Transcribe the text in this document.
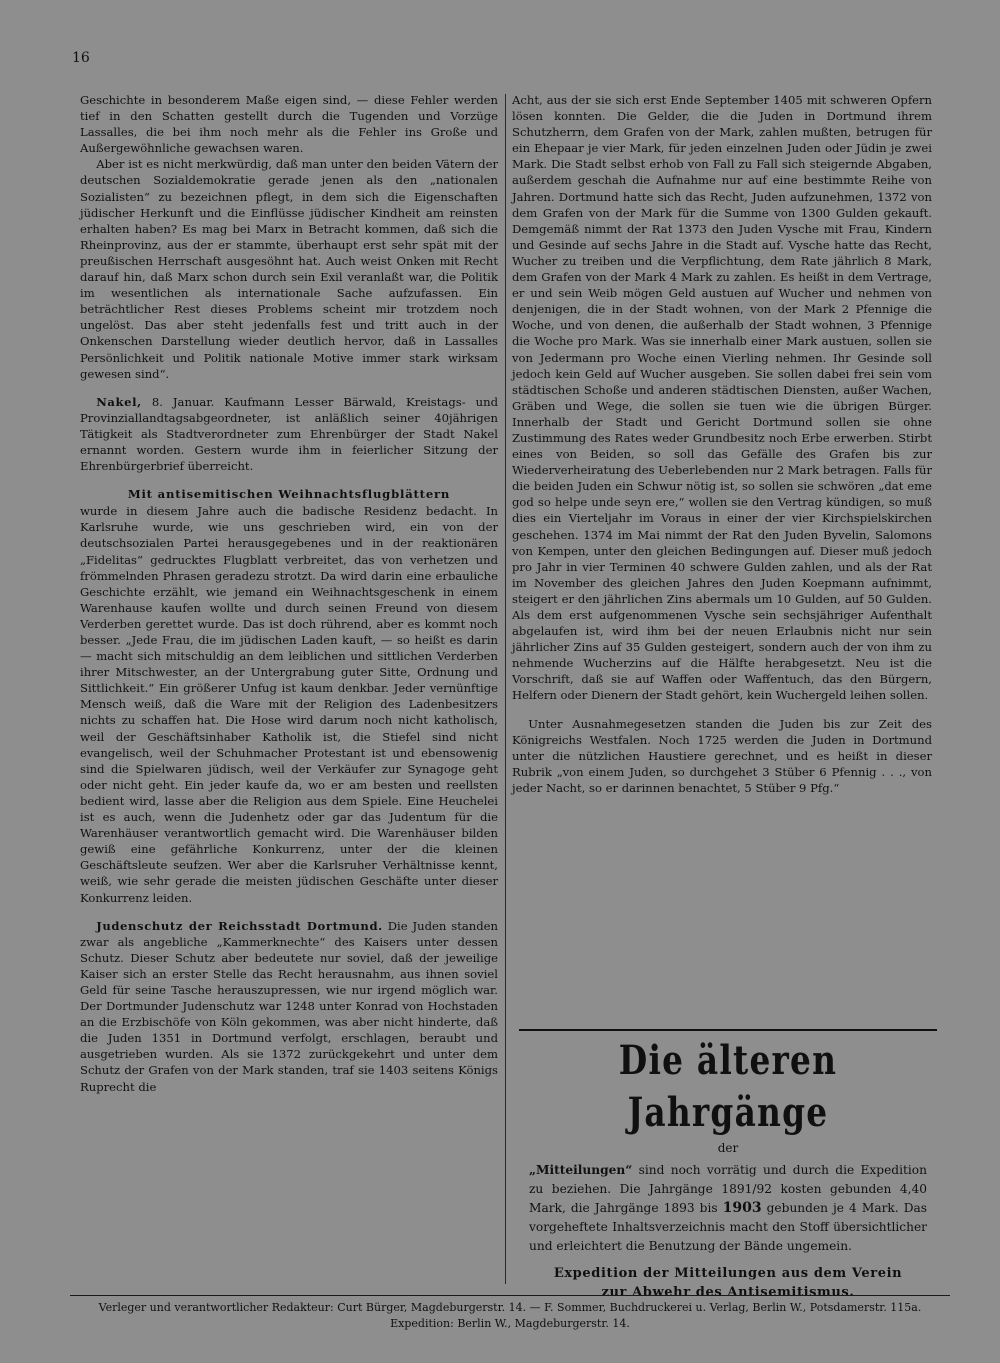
16

Geschichte in besonderem Maße eigen sind, — diese Fehler werden tief in den Schatten gestellt durch die Tugenden und Vorzüge Lassalles, die bei ihm noch mehr als die Fehler ins Große und Außergewöhnliche gewachsen waren.

Aber ist es nicht merkwürdig, daß man unter den beiden Vätern der deutschen Sozialdemokratie gerade jenen als den „nationalen Sozialisten“ zu bezeichnen pflegt, in dem sich die Eigenschaften jüdischer Herkunft und die Einflüsse jüdischer Kindheit am reinsten erhalten haben? Es mag bei Marx in Betracht kommen, daß sich die Rheinprovinz, aus der er stammte, überhaupt erst sehr spät mit der preußischen Herrschaft ausgesöhnt hat. Auch weist Onken mit Recht darauf hin, daß Marx schon durch sein Exil veranlaßt war, die Politik im wesentlichen als internationale Sache aufzufassen. Ein beträchtlicher Rest dieses Problems scheint mir trotzdem noch ungelöst. Das aber steht jedenfalls fest und tritt auch in der Onkenschen Darstellung wieder deutlich hervor, daß in Lassalles Persönlichkeit und Politik nationale Motive immer stark wirksam gewesen sind“.

Nakel, 8. Januar. Kaufmann Lesser Bärwald, Kreistags- und Provinziallandtagsabgeordneter, ist anläßlich seiner 40jährigen Tätigkeit als Stadtverordneter zum Ehrenbürger der Stadt Nakel ernannt worden. Gestern wurde ihm in feierlicher Sitzung der Ehrenbürgerbrief überreicht.

Mit antisemitischen Weihnachtsflugblättern

wurde in diesem Jahre auch die badische Residenz bedacht. In Karlsruhe wurde, wie uns geschrieben wird, ein von der deutschsozialen Partei herausgegebenes und in der reaktionären „Fidelitas“ gedrucktes Flugblatt verbreitet, das von verhetzen und frömmelnden Phrasen geradezu strotzt. Da wird darin eine erbauliche Geschichte erzählt, wie jemand ein Weihnachtsgeschenk in einem Warenhause kaufen wollte und durch seinen Freund von diesem Verderben gerettet wurde. Das ist doch rührend, aber es kommt noch besser. „Jede Frau, die im jüdischen Laden kauft, — so heißt es darin — macht sich mitschuldig an dem leiblichen und sittlichen Verderben ihrer Mitschwester, an der Untergrabung guter Sitte, Ordnung und Sittlichkeit.“ Ein größerer Unfug ist kaum denkbar. Jeder vernünftige Mensch weiß, daß die Ware mit der Religion des Ladenbesitzers nichts zu schaffen hat. Die Hose wird darum noch nicht katholisch, weil der Geschäftsinhaber Katholik ist, die Stiefel sind nicht evangelisch, weil der Schuhmacher Protestant ist und ebensowenig sind die Spielwaren jüdisch, weil der Verkäufer zur Synagoge geht oder nicht geht. Ein jeder kaufe da, wo er am besten und reellsten bedient wird, lasse aber die Religion aus dem Spiele. Eine Heuchelei ist es auch, wenn die Judenhetz oder gar das Judentum für die Warenhäuser verantwortlich gemacht wird. Die Warenhäuser bilden gewiß eine gefährliche Konkurrenz, unter der die kleinen Geschäftsleute seufzen. Wer aber die Karlsruher Verhältnisse kennt, weiß, wie sehr gerade die meisten jüdischen Geschäfte unter dieser Konkurrenz leiden.

Judenschutz der Reichsstadt Dortmund. Die Juden standen zwar als angebliche „Kammerknechte“ des Kaisers unter dessen Schutz. Dieser Schutz aber bedeutete nur soviel, daß der jeweilige Kaiser sich an erster Stelle das Recht herausnahm, aus ihnen soviel Geld für seine Tasche herauszupressen, wie nur irgend möglich war. Der Dortmunder Judenschutz war 1248 unter Konrad von Hochstaden an die Erzbischöfe von Köln gekommen, was aber nicht hinderte, daß die Juden 1351 in Dortmund verfolgt, erschlagen, beraubt und ausgetrieben wurden. Als sie 1372 zurückgekehrt und unter dem Schutz der Grafen von der Mark standen, traf sie 1403 seitens Königs Ruprecht die

Acht, aus der sie sich erst Ende September 1405 mit schweren Opfern lösen konnten. Die Gelder, die die Juden in Dortmund ihrem Schutzherrn, dem Grafen von der Mark, zahlen mußten, betrugen für ein Ehepaar je vier Mark, für jeden einzelnen Juden oder Jüdin je zwei Mark. Die Stadt selbst erhob von Fall zu Fall sich steigernde Abgaben, außerdem geschah die Aufnahme nur auf eine bestimmte Reihe von Jahren. Dortmund hatte sich das Recht, Juden aufzunehmen, 1372 von dem Grafen von der Mark für die Summe von 1300 Gulden gekauft. Demgemäß nimmt der Rat 1373 den Juden Vysche mit Frau, Kindern und Gesinde auf sechs Jahre in die Stadt auf. Vysche hatte das Recht, Wucher zu treiben und die Verpflichtung, dem Rate jährlich 8 Mark, dem Grafen von der Mark 4 Mark zu zahlen. Es heißt in dem Vertrage, er und sein Weib mögen Geld austuen auf Wucher und nehmen von denjenigen, die in der Stadt wohnen, von der Mark 2 Pfennige die Woche, und von denen, die außerhalb der Stadt wohnen, 3 Pfennige die Woche pro Mark. Was sie innerhalb einer Mark austuen, sollen sie von Jedermann pro Woche einen Vierling nehmen. Ihr Gesinde soll jedoch kein Geld auf Wucher ausgeben. Sie sollen dabei frei sein vom städtischen Schoße und anderen städtischen Diensten, außer Wachen, Gräben und Wege, die sollen sie tuen wie die übrigen Bürger. Innerhalb der Stadt und Gericht Dortmund sollen sie ohne Zustimmung des Rates weder Grundbesitz noch Erbe erwerben. Stirbt eines von Beiden, so soll das Gefälle des Grafen bis zur Wiederverheiratung des Ueberlebenden nur 2 Mark betragen. Falls für die beiden Juden ein Schwur nötig ist, so sollen sie schwören „dat eme god so helpe unde seyn ere,“ wollen sie den Vertrag kündigen, so muß dies ein Vierteljahr im Voraus in einer der vier Kirchspielskirchen geschehen. 1374 im Mai nimmt der Rat den Juden Byvelin, Salomons von Kempen, unter den gleichen Bedingungen auf. Dieser muß jedoch pro Jahr in vier Terminen 40 schwere Gulden zahlen, und als der Rat im November des gleichen Jahres den Juden Koepmann aufnimmt, steigert er den jährlichen Zins abermals um 10 Gulden, auf 50 Gulden. Als dem erst aufgenommenen Vysche sein sechsjähriger Aufenthalt abgelaufen ist, wird ihm bei der neuen Erlaubnis nicht nur sein jährlicher Zins auf 35 Gulden gesteigert, sondern auch der von ihm zu nehmende Wucherzins auf die Hälfte herabgesetzt. Neu ist die Vorschrift, daß sie auf Waffen oder Waffentuch, das den Bürgern, Helfern oder Dienern der Stadt gehört, kein Wuchergeld leihen sollen.

Unter Ausnahmegesetzen standen die Juden bis zur Zeit des Königreichs Westfalen. Noch 1725 werden die Juden in Dortmund unter die nützlichen Haustiere gerechnet, und es heißt in dieser Rubrik „von einem Juden, so durchgehet 3 Stüber 6 Pfennig . . ., von jeder Nacht, so er darinnen benachtet, 5 Stüber 9 Pfg.“

Die älteren Jahrgänge
der
„Mitteilungen“ sind noch vorrätig und durch die Expedition zu beziehen. Die Jahrgänge 1891/92 kosten gebunden 4,40 Mark, die Jahrgänge 1893 bis 1903 gebunden je 4 Mark. Das vorgeheftete Inhaltsverzeichnis macht den Stoff übersichtlicher und erleichtert die Benutzung der Bände ungemein.
Expedition der Mitteilungen aus dem Verein
zur Abwehr des Antisemitismus.
Verleger und verantwortlicher Redakteur: Curt Bürger, Magdeburgerstr. 14. — F. Sommer, Buchdruckerei u. Verlag, Berlin W., Potsdamerstr. 115a.
Expedition: Berlin W., Magdeburgerstr. 14.
